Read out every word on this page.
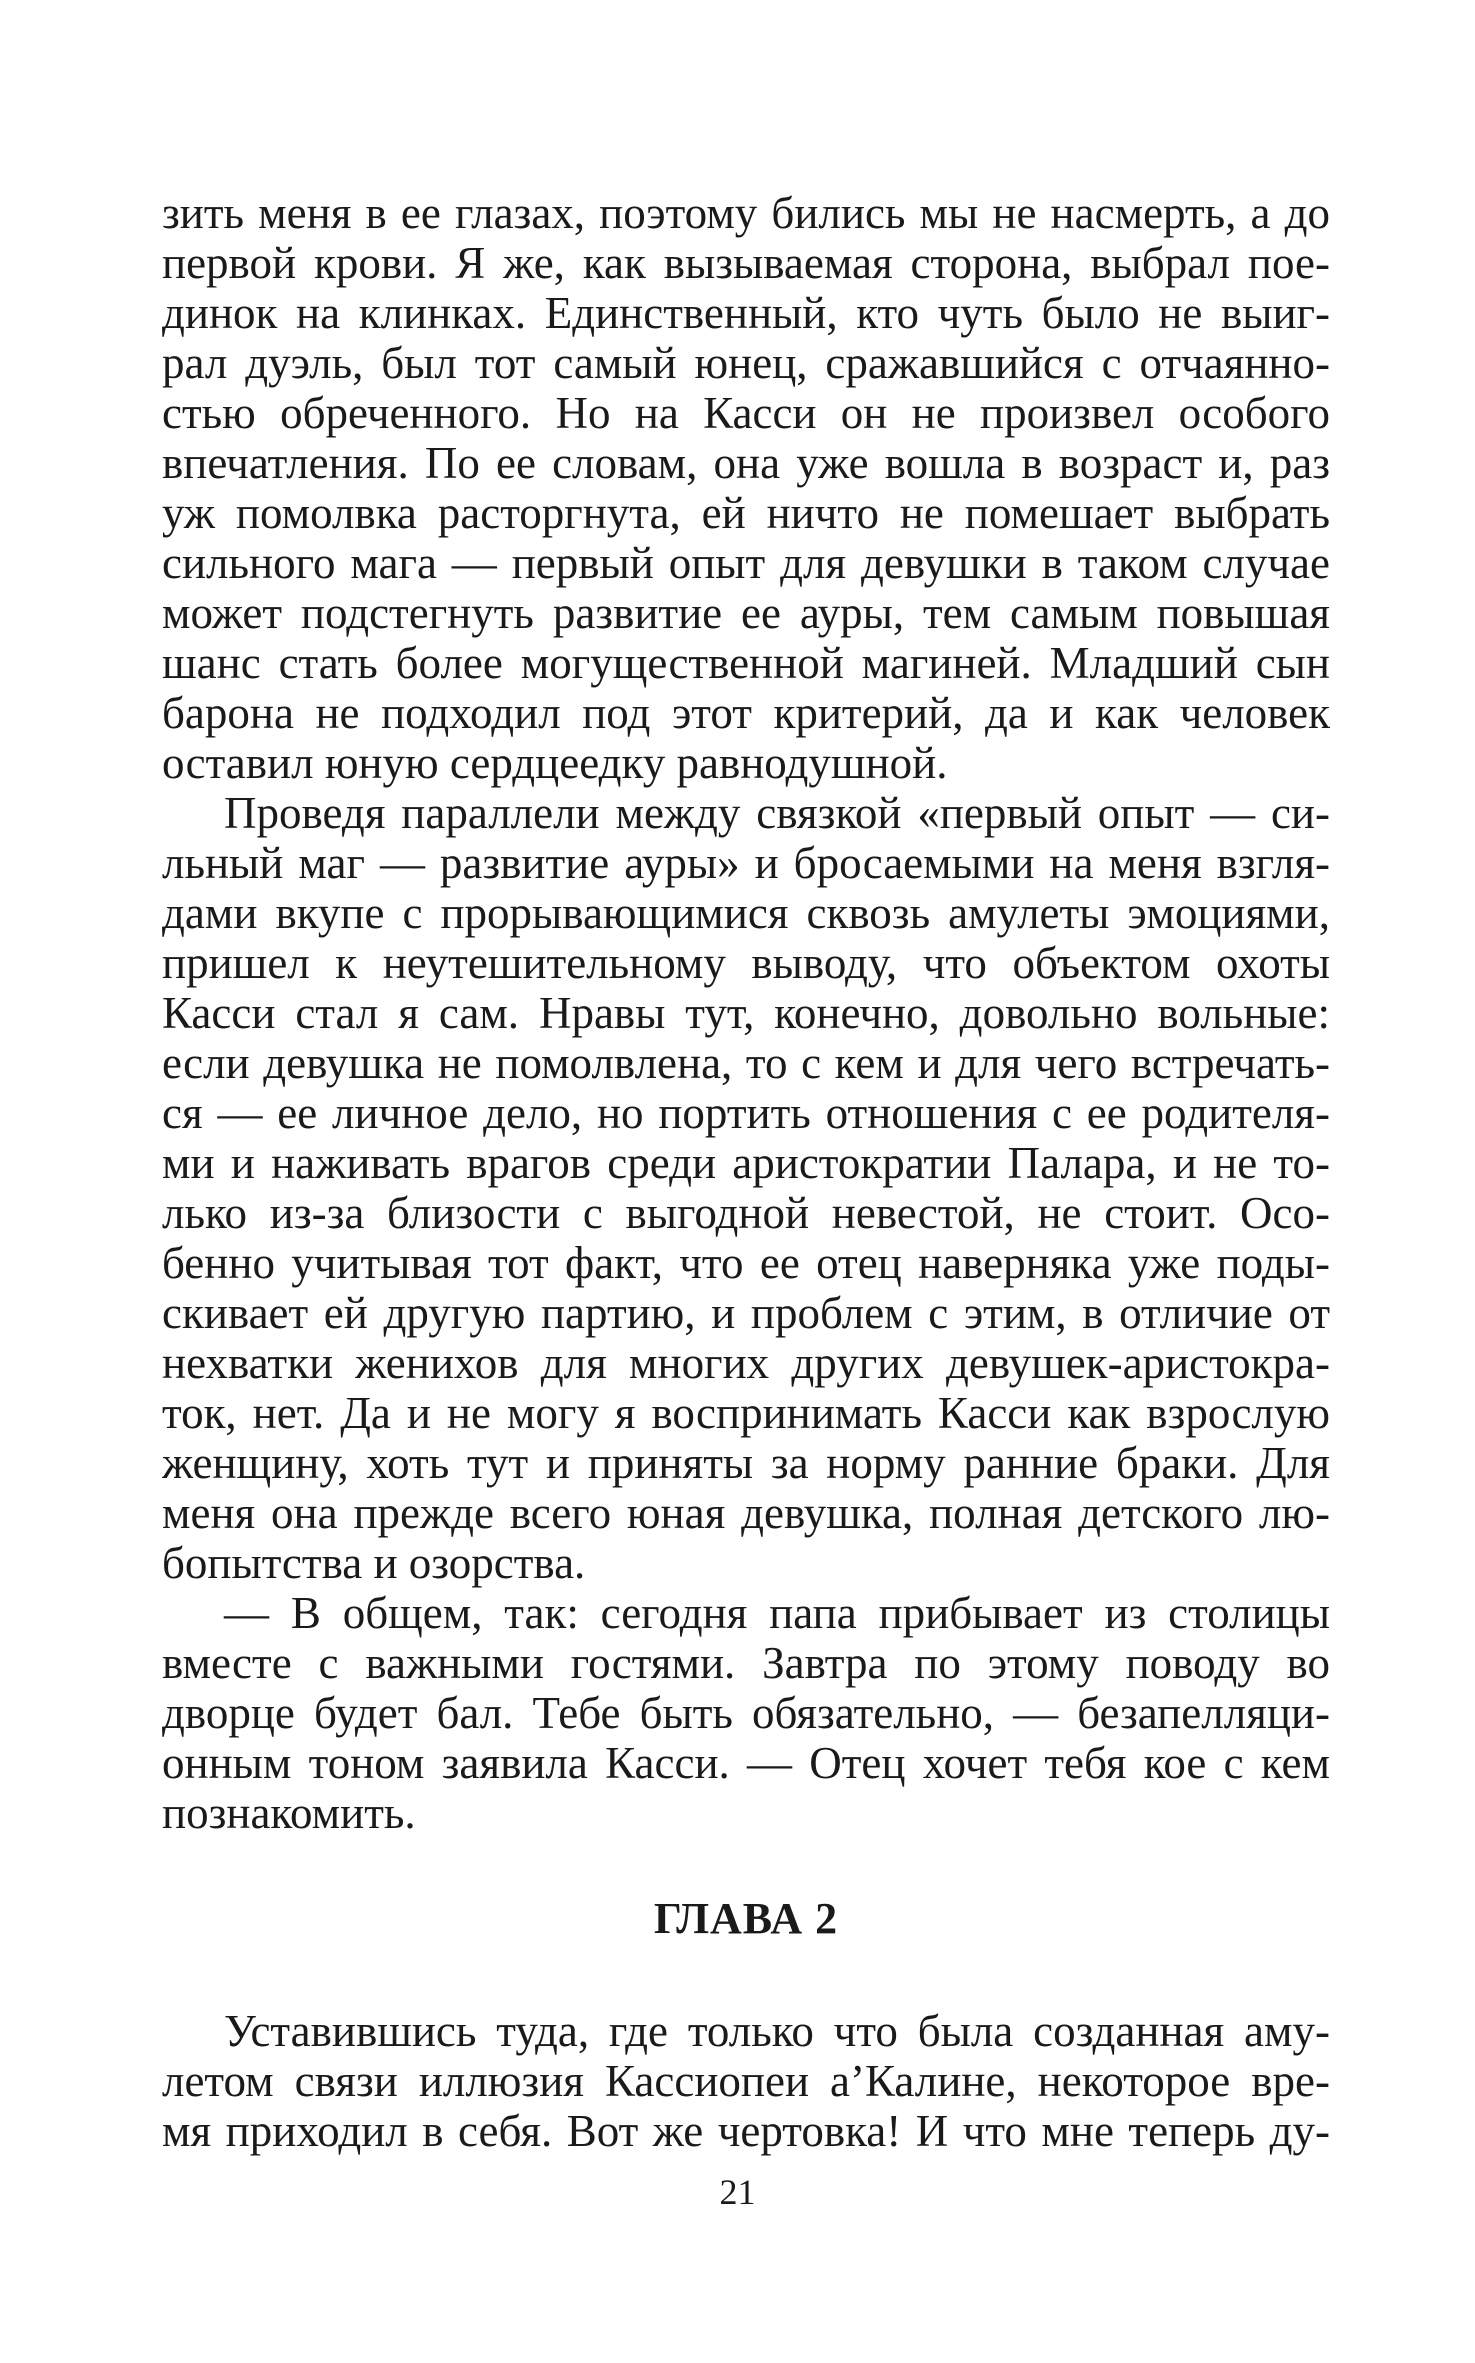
зить меня в ее глазах, поэтому бились мы не насмерть, а до
первой крови. Я же, как вызываемая сторона, выбрал пое-
динок на клинках. Единственный, кто чуть было не выиг-
рал дуэль, был тот самый юнец, сражавшийся с отчаянно-
стью обреченного. Но на Касси он не произвел особого
впечатления. По ее словам, она уже вошла в возраст и, раз
уж помолвка расторгнута, ей ничто не помешает выбрать
сильного мага — первый опыт для девушки в таком случае
может подстегнуть развитие ее ауры, тем самым повышая
шанс стать более могущественной магиней. Младший сын
барона не подходил под этот критерий, да и как человек
оставил юную сердцеедку равнодушной.
Проведя параллели между связкой «первый опыт — си-
льный маг — развитие ауры» и бросаемыми на меня взгля-
дами вкупе с прорывающимися сквозь амулеты эмоциями,
пришел к неутешительному выводу, что объектом охоты
Касси стал я сам. Нравы тут, конечно, довольно вольные:
если девушка не помолвлена, то с кем и для чего встречать-
ся — ее личное дело, но портить отношения с ее родителя-
ми и наживать врагов среди аристократии Палара, и не то-
лько из-за близости с выгодной невестой, не стоит. Осо-
бенно учитывая тот факт, что ее отец наверняка уже поды-
скивает ей другую партию, и проблем с этим, в отличие от
нехватки женихов для многих других девушек-аристокра-
ток, нет. Да и не могу я воспринимать Касси как взрослую
женщину, хоть тут и приняты за норму ранние браки. Для
меня она прежде всего юная девушка, полная детского лю-
бопытства и озорства.
— В общем, так: сегодня папа прибывает из столицы
вместе с важными гостями. Завтра по этому поводу во
дворце будет бал. Тебе быть обязательно, — безапелляци-
онным тоном заявила Касси. — Отец хочет тебя кое с кем
познакомить.
ГЛАВА 2
Уставившись туда, где только что была созданная аму-
летом связи иллюзия Кассиопеи а’Калине, некоторое вре-
мя приходил в себя. Вот же чертовка! И что мне теперь ду-
21
